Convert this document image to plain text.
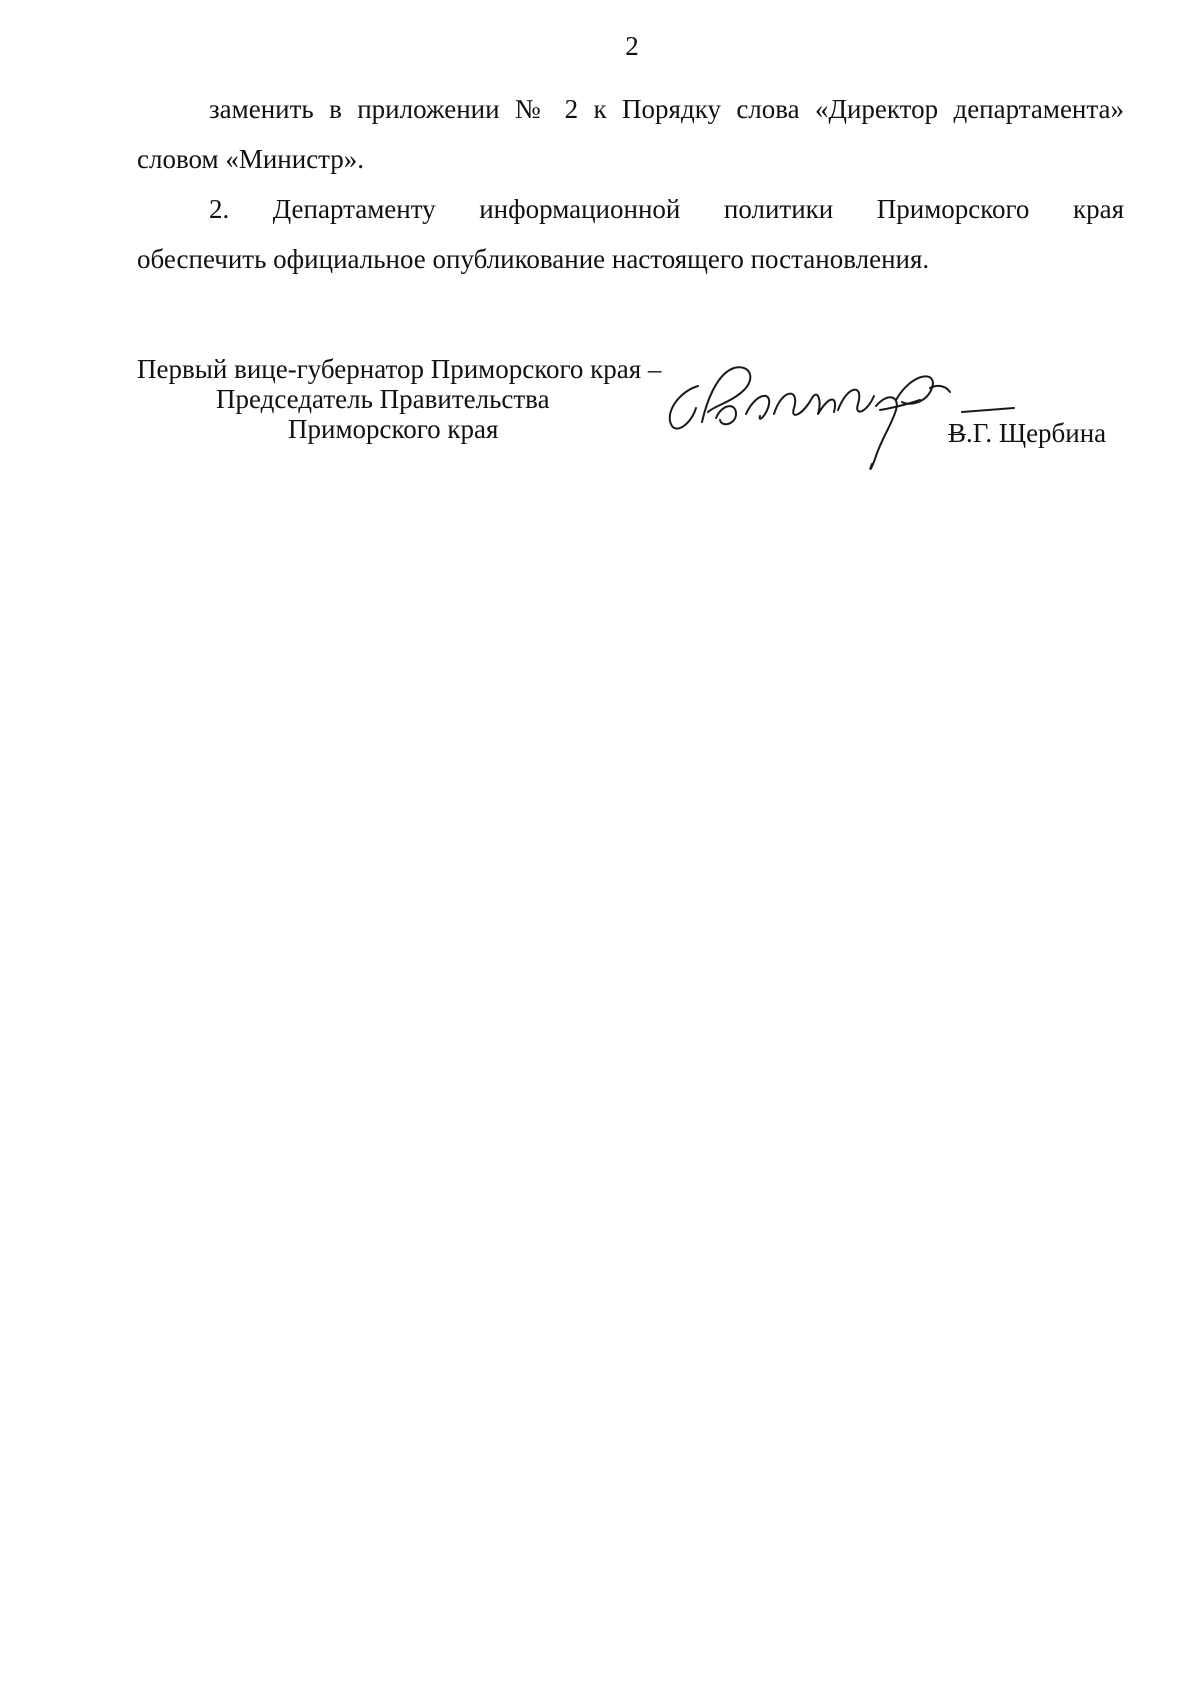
2

заменить в приложении № 2 к Порядку слова «Директор департамента» словом «Министр».

2. Департаменту информационной политики Приморского края

обеспечить официальное опубликование настоящего постановления.

Первый вице-губернатор Приморского края –
Председатель Правительства
Приморского края	В.Г. Щербина
